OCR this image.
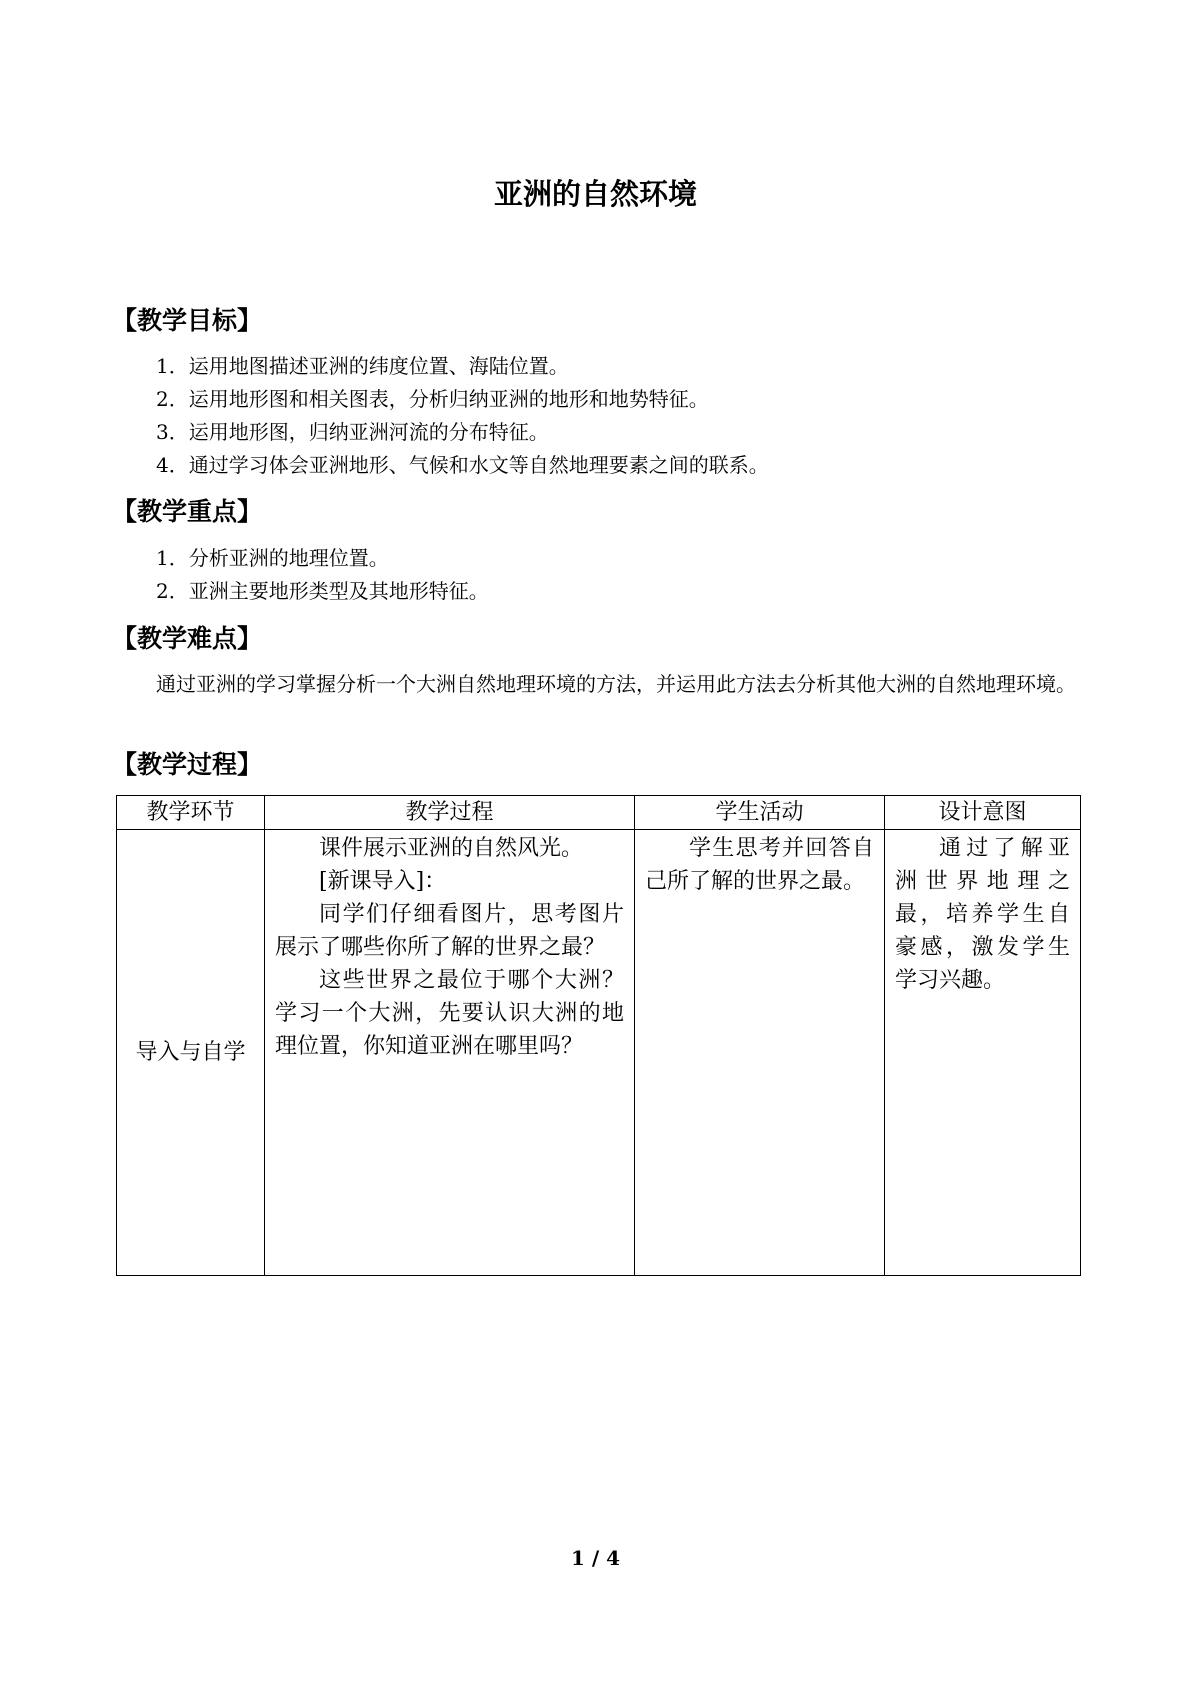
亚洲的自然环境
【教学目标】
1．运用地图描述亚洲的纬度位置、海陆位置。
2．运用地形图和相关图表，分析归纳亚洲的地形和地势特征。
3．运用地形图，归纳亚洲河流的分布特征。
4．通过学习体会亚洲地形、气候和水文等自然地理要素之间的联系。
【教学重点】
1．分析亚洲的地理位置。
2．亚洲主要地形类型及其地形特征。
【教学难点】

通过亚洲的学习掌握分析一个大洲自然地理环境的方法，并运用此方法去分析其他大洲的自然地理环境。

【教学过程】
教学环节	教学过程	学生活动	设计意图
导入与自学	课件展示亚洲的自然风光。

[新课导入]：

同学们仔细看图片，思考图片展示了哪些你所了解的世界之最？

这些世界之最位于哪个大洲？学习一个大洲，先要认识大洲的地理位置，你知道亚洲在哪里吗？	学生思考并回答自己所了解的世界之最。	通过了解亚洲世界地理之最，培养学生自豪感，激发学生学习兴趣。

1 / 4
